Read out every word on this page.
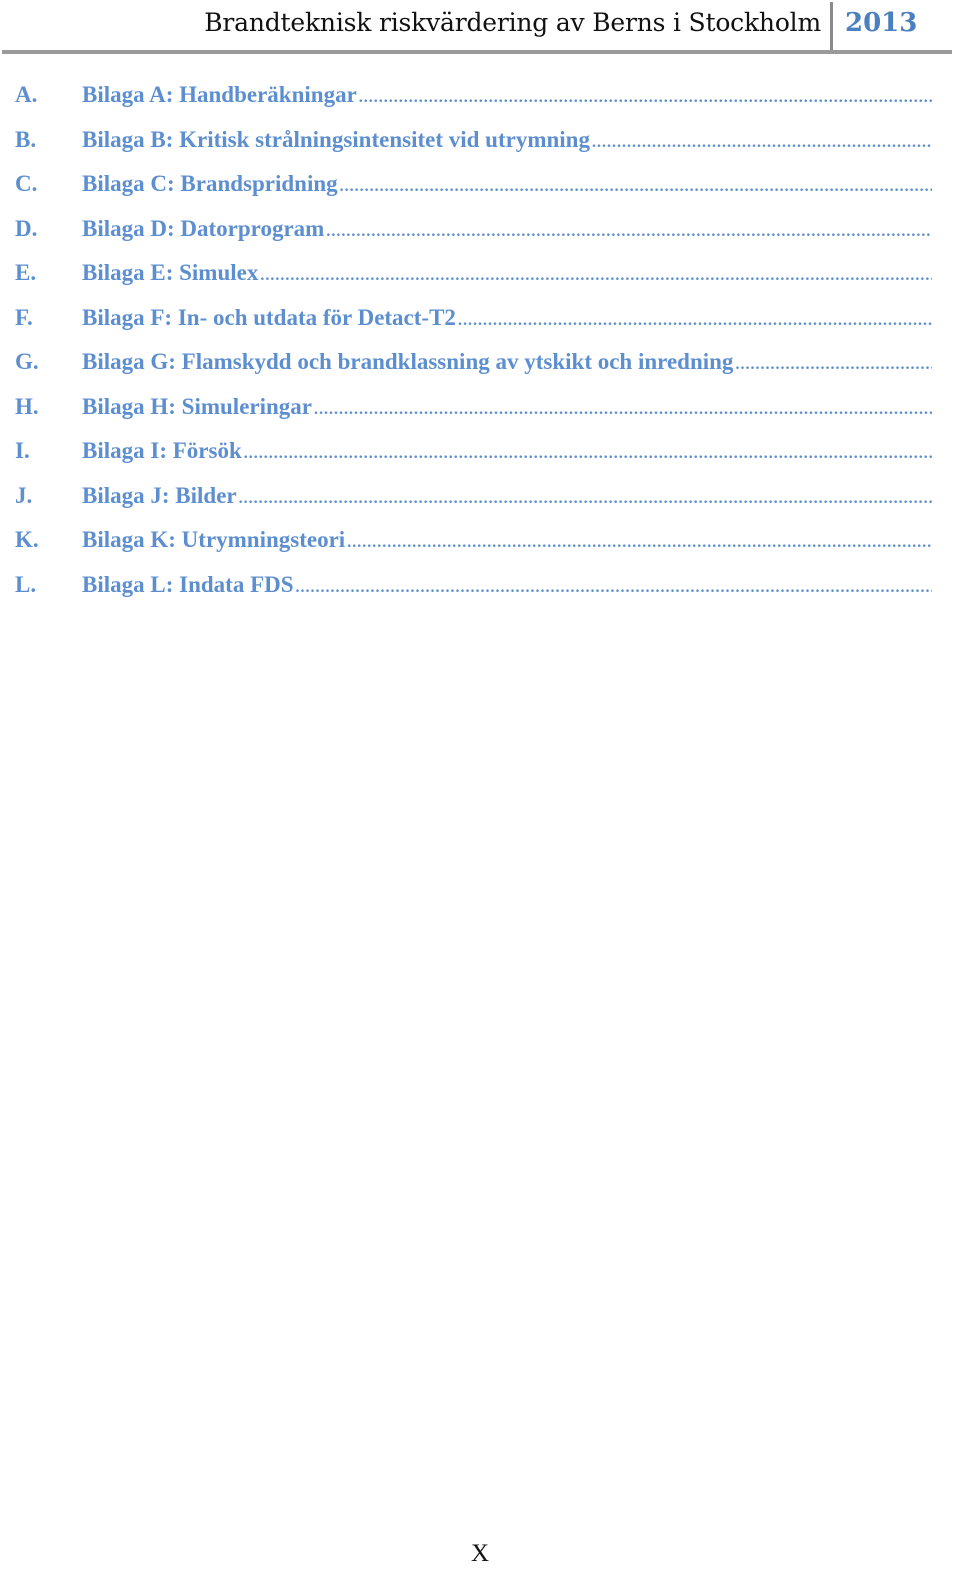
Brandteknisk riskvärdering av Berns i Stockholm 2013
A. Bilaga A: Handberäkningar
.....
B. Bilaga B: Kritisk strålningsintensitet vid utrymning
.....
C. Bilaga C: Brandspridning
.....
D. Bilaga D: Datorprogram
.....
E. Bilaga E: Simulex
.....
F. Bilaga F: In- och utdata för Detact-T2
.....
G. Bilaga G: Flamskydd och brandklassning av ytskikt och inredning
.....
H. Bilaga H: Simuleringar
.....
I. Bilaga I: Försök
.....
J. Bilaga J: Bilder
.....
K. Bilaga K: Utrymningsteori
.....
L. Bilaga L: Indata FDS
.....
X
